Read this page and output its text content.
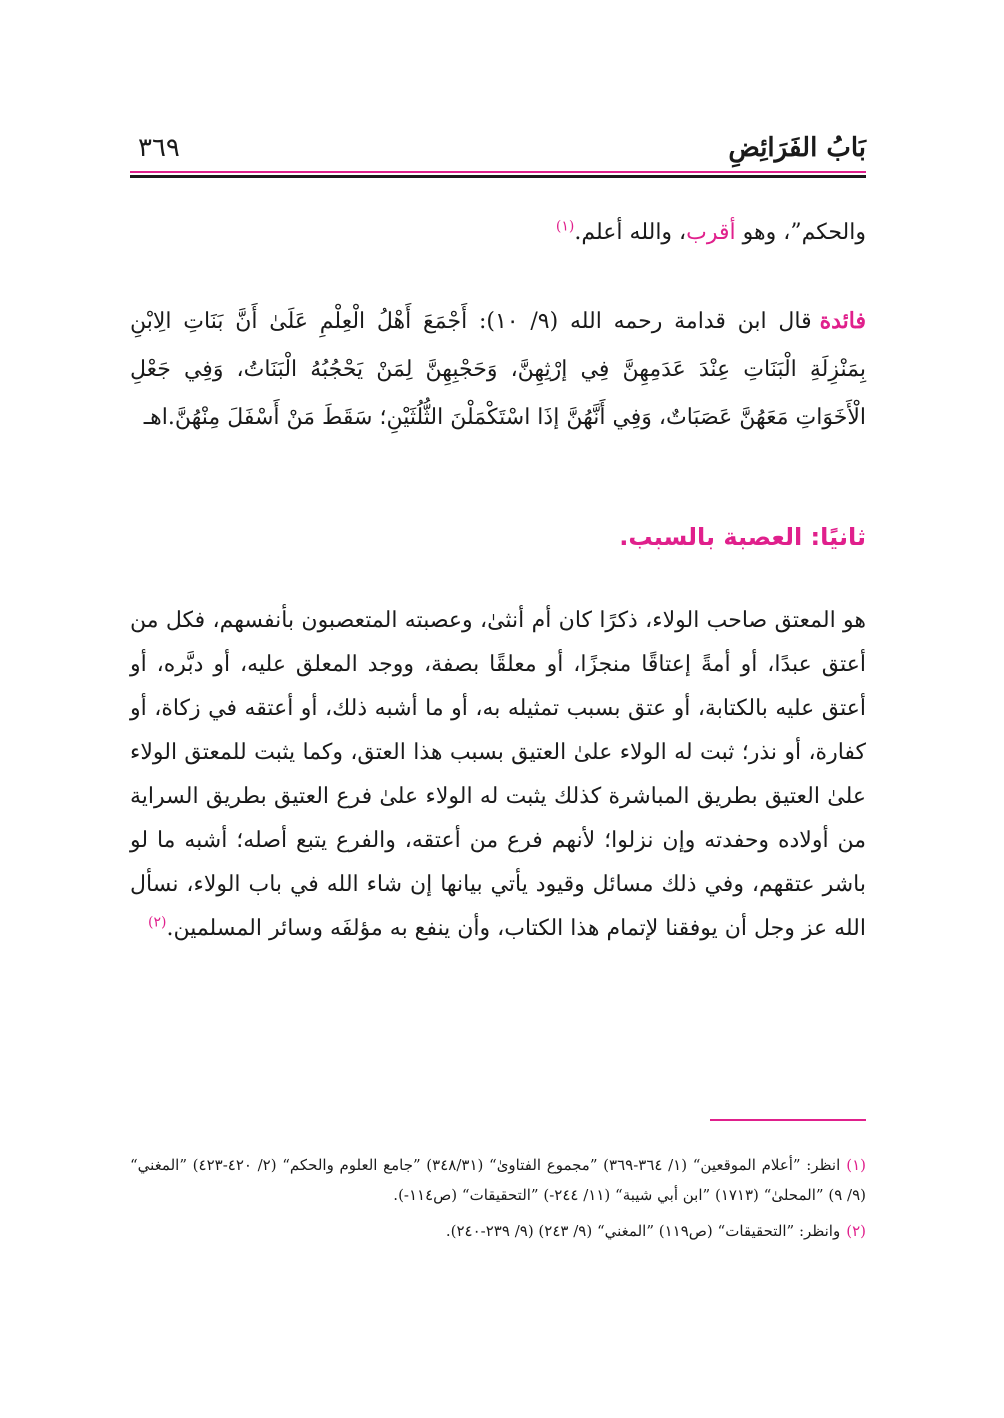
بَابُ الفَرَائِضِ
٣٦٩

والحكم”، وهو أقرب، والله أعلم.$^{(١)}$

فائدةقال ابن قدامة رحمه الله (٩/ ١٠): أَجْمَعَ أَهْلُ الْعِلْمِ عَلَىٰ أَنَّ بَنَاتِ الِابْنِ بِمَنْزِلَةِ الْبَنَاتِ عِنْدَ عَدَمِهِنَّ فِي إرْثِهِنَّ، وَحَجْبِهِنَّ لِمَنْ يَحْجُبُهُ الْبَنَاتُ، وَفِي جَعْلِ الْأَخَوَاتِ مَعَهُنَّ عَصَبَاتٌ، وَفِي أَنَّهُنَّ إذَا اسْتَكْمَلْنَ الثُّلُثَيْنِ؛ سَقَطَ مَنْ أَسْفَلَ مِنْهُنَّ.اهـ

ثانيًا: العصبة بالسبب.

هو المعتق صاحب الولاء، ذكرًا كان أم أنثىٰ، وعصبته المتعصبون بأنفسهم، فكل من أعتق عبدًا، أو أمةً إعتاقًا منجزًا، أو معلقًا بصفة، ووجد المعلق عليه، أو دبَّره، أو أعتق عليه بالكتابة، أو عتق بسبب تمثيله به، أو ما أشبه ذلك، أو أعتقه في زكاة، أو كفارة، أو نذر؛ ثبت له الولاء علىٰ العتيق بسبب هذا العتق، وكما يثبت للمعتق الولاء علىٰ العتيق بطريق المباشرة كذلك يثبت له الولاء علىٰ فرع العتيق بطريق السراية من أولاده وحفدته وإن نزلوا؛ لأنهم فرع من أعتقه، والفرع يتبع أصله؛ أشبه ما لو باشر عتقهم، وفي ذلك مسائل وقيود يأتي بيانها إن شاء الله في باب الولاء، نسأل الله عز وجل أن يوفقنا لإتمام هذا الكتاب، وأن ينفع به مؤلفَه وسائر المسلمين.$^{(٢)}$

(١)انظر: ”أعلام الموقعين“ (١/ ٣٦٤-٣٦٩) ”مجموع الفتاوىٰ“ (٣٤٨/٣١) ”جامع العلوم والحكم“ (٢/ ٤٢٠-٤٢٣) ”المغني“ (٩/ ٩) ”المحلىٰ“ (١٧١٣) ”ابن أبي شيبة“ (١١/ ٢٤٤-) ”التحقيقات“ (ص١١٤-).
(٢)وانظر: ”التحقيقات“ (ص١١٩) ”المغني“ (٩/ ٢٤٣) (٩/ ٢٣٩-٢٤٠).
